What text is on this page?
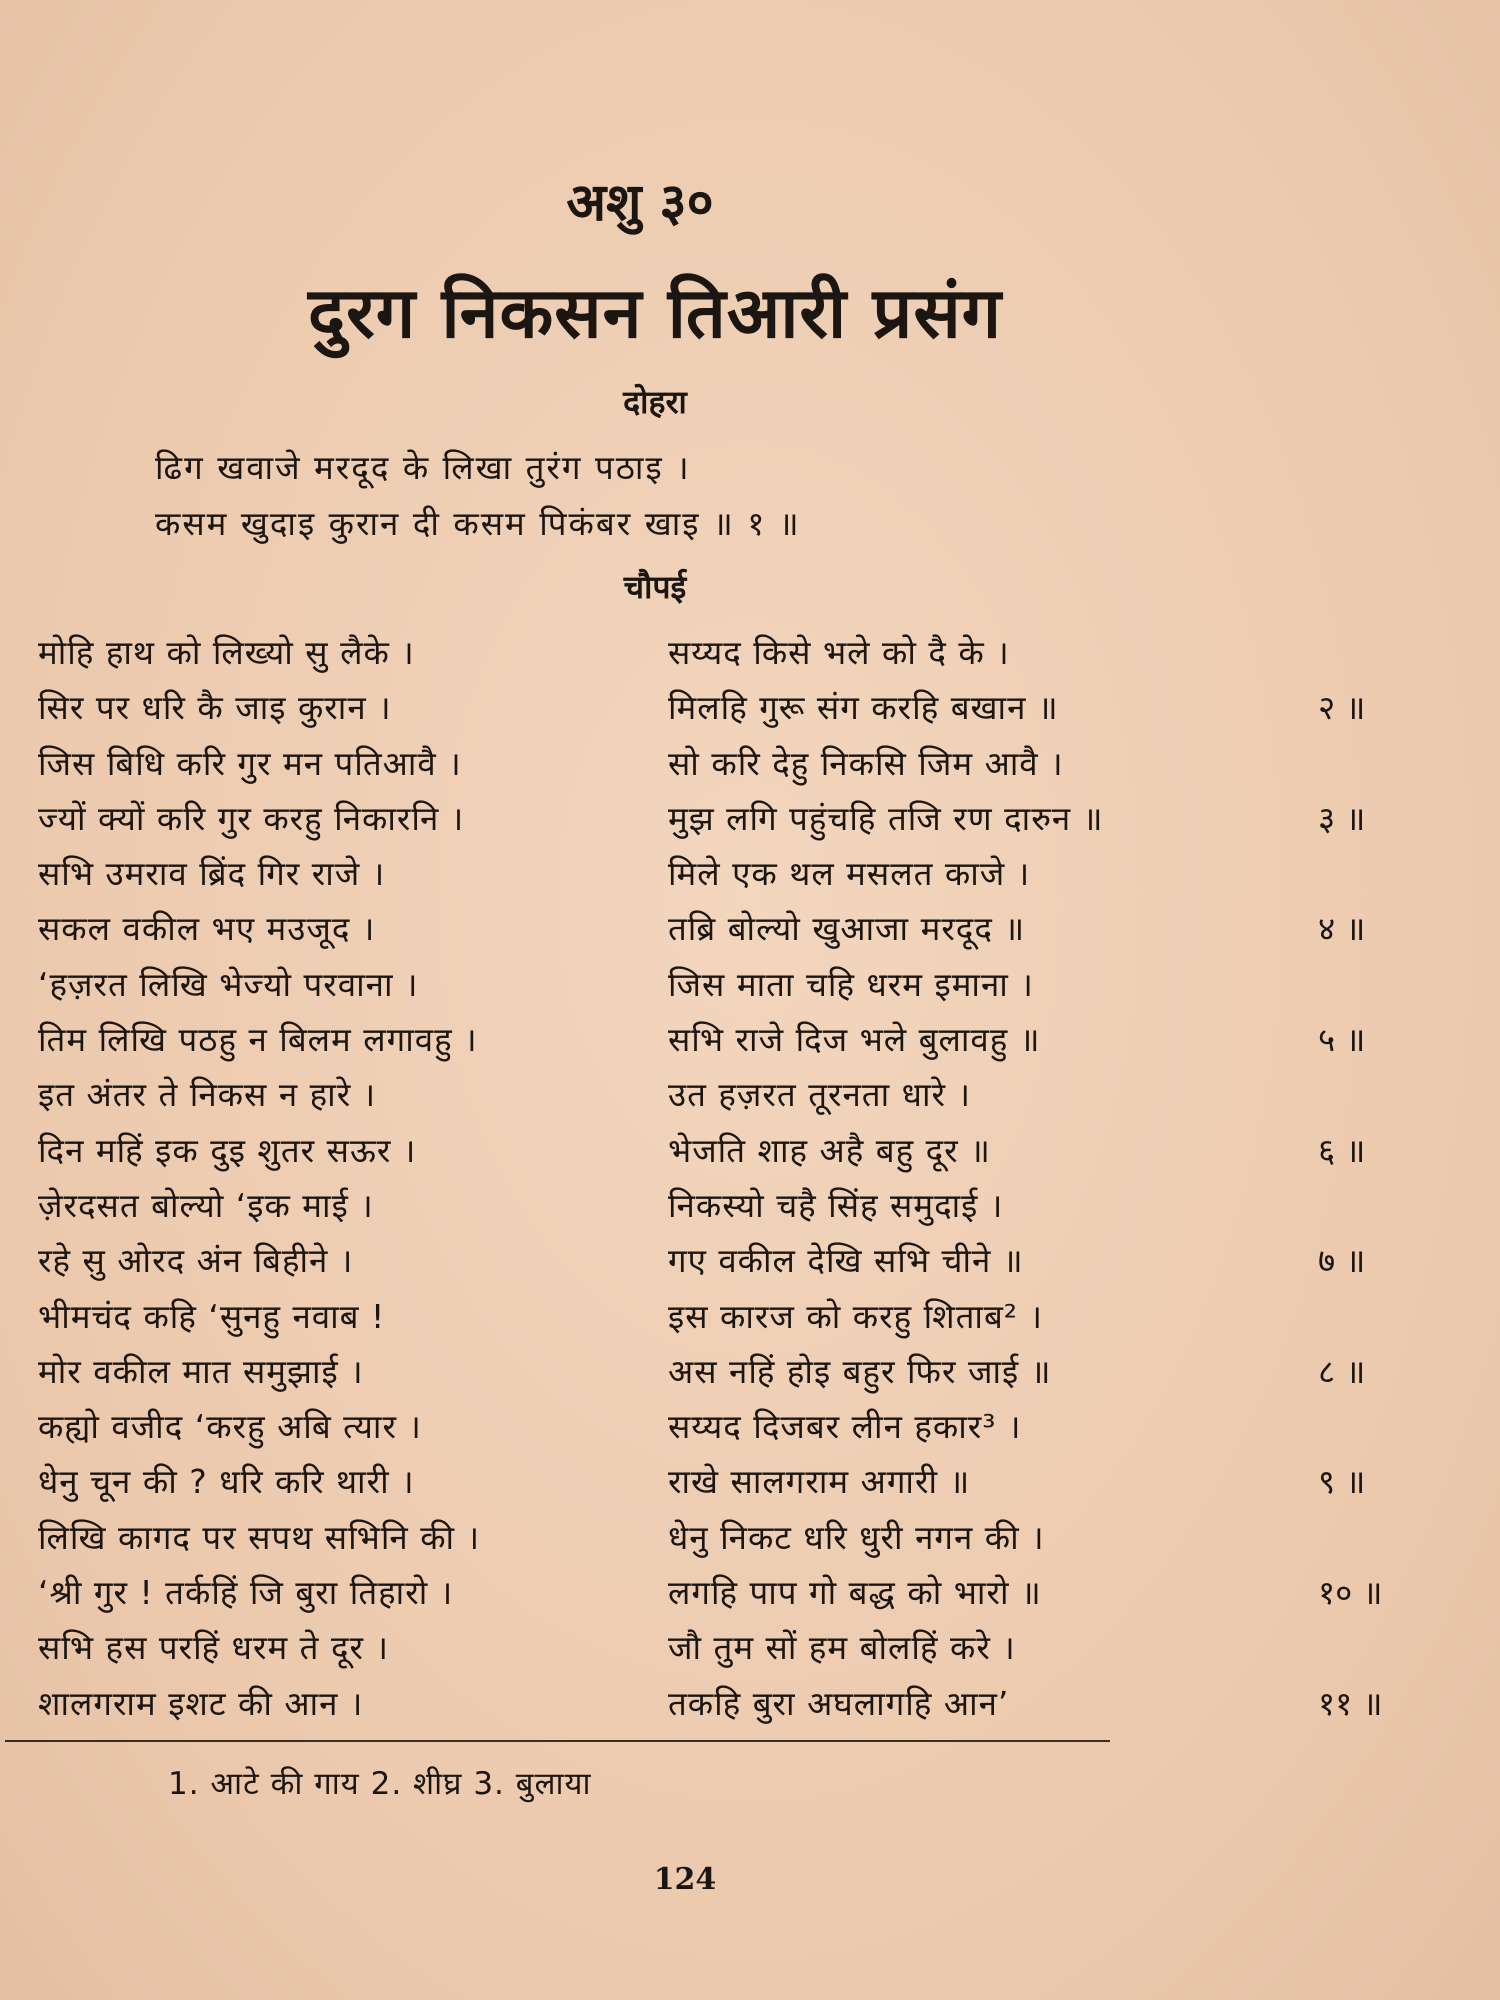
अशु ३०
दुरग निकसन तिआरी प्रसंग
दोहरा
ढिग खवाजे मरदूद के लिखा तुरंग पठाइ ।
कसम खुदाइ कुरान दी कसम पिकंबर खाइ ॥ १ ॥
चौपई
मोहि हाथ को लिख्यो सु लैके ।	सय्यद किसे भले को दै के ।
सिर पर धरि कै जाइ कुरान ।	मिलहि गुरू संग करहि बखान ॥	२ ॥
जिस बिधि करि गुर मन पतिआवै ।	सो करि देहु निकसि जिम आवै ।
ज्यों क्यों करि गुर करहु निकारनि ।	मुझ लगि पहुंचहि तजि रण दारुन ॥	३ ॥
सभि उमराव ब्रिंद गिर राजे ।	मिले एक थल मसलत काजे ।
सकल वकील भए मउजूद ।	तब्रि बोल्यो खुआजा मरदूद ॥	४ ॥
‘हज़रत लिखि भेज्यो परवाना ।	जिस माता चहि धरम इमाना ।
तिम लिखि पठहु न बिलम लगावहु ।	सभि राजे दिज भले बुलावहु ॥	५ ॥
इत अंतर ते निकस न हारे ।	उत हज़रत तूरनता धारे ।
दिन महिं इक दुइ शुतर सऊर ।	भेजति शाह अहै बहु दूर ॥	६ ॥
ज़ेरदसत बोल्यो ‘इक माई ।	निकस्यो चहै सिंह समुदाई ।
रहे सु ओरद अंन बिहीने ।	गए वकील देखि सभि चीने ॥	७ ॥
भीमचंद कहि ‘सुनहु नवाब !	इस कारज को करहु शिताब² ।
मोर वकील मात समुझाई ।	अस नहिं होइ बहुर फिर जाई ॥	८ ॥
कह्यो वजीद ‘करहु अबि त्यार ।	सय्यद दिजबर लीन हकार³ ।
धेनु चून की ? धरि करि थारी ।	राखे सालगराम अगारी ॥	९ ॥
लिखि कागद पर सपथ सभिनि की ।	धेनु निकट धरि धुरी नगन की ।
‘श्री गुर ! तर्कहिं जि बुरा तिहारो ।	लगहि पाप गो बद्ध को भारो ॥	१० ॥
सभि हस परहिं धरम ते दूर ।	जौ तुम सों हम बोलहिं करे ।
शालगराम इशट की आन ।	तकहि बुरा अघलागहि आन’	११ ॥
1. आटे की गाय 2. शीघ्र 3. बुलाया
124
